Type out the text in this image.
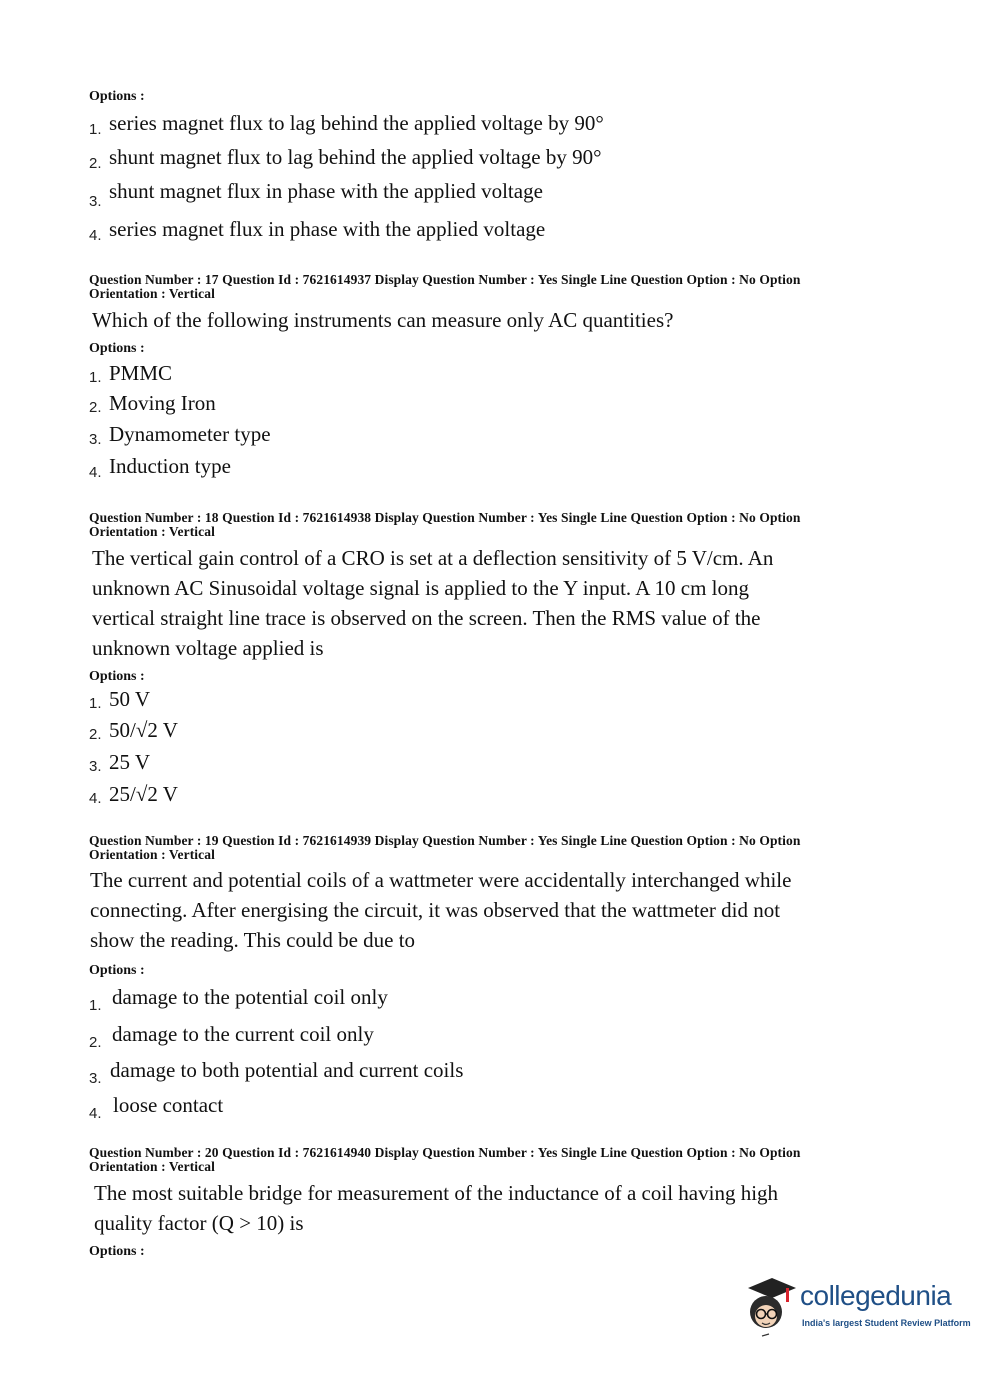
Options :
1. series magnet flux to lag behind the applied voltage by 90°
2. shunt magnet flux to lag behind the applied voltage by 90°
3. shunt magnet flux in phase with the applied voltage
4. series magnet flux in phase with the applied voltage
Question Number : 17 Question Id : 7621614937 Display Question Number : Yes Single Line Question Option : No Option
Orientation : Vertical
Which of the following instruments can measure only AC quantities?
Options :
1. PMMC
2. Moving Iron
3. Dynamometer type
4. Induction type
Question Number : 18 Question Id : 7621614938 Display Question Number : Yes Single Line Question Option : No Option
Orientation : Vertical
The vertical gain control of a CRO is set at a deflection sensitivity of 5 V/cm. An
unknown AC Sinusoidal voltage signal is applied to the Y input. A 10 cm long
vertical straight line trace is observed on the screen. Then the RMS value of the
unknown voltage applied is
Options :
1. 50 V
2. 50/√2 V
3. 25 V
4. 25/√2 V
Question Number : 19 Question Id : 7621614939 Display Question Number : Yes Single Line Question Option : No Option
Orientation : Vertical
The current and potential coils of a wattmeter were accidentally interchanged while
connecting. After energising the circuit, it was observed that the wattmeter did not
show the reading. This could be due to
Options :
1. damage to the potential coil only
2. damage to the current coil only
3. damage to both potential and current coils
4. loose contact
Question Number : 20 Question Id : 7621614940 Display Question Number : Yes Single Line Question Option : No Option
Orientation : Vertical
The most suitable bridge for measurement of the inductance of a coil having high
quality factor (Q > 10) is
Options :
collegedunia
India's largest Student Review Platform
